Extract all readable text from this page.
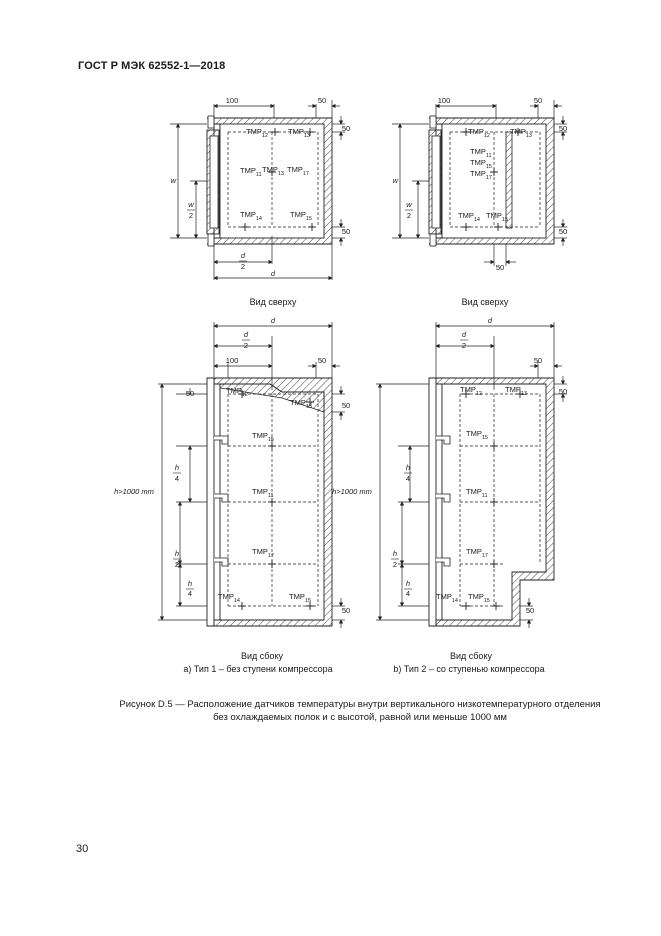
ГОСТ Р МЭК 62552-1—2018
100	50
50
50
w
w
2
d
2
d
100	50
50
50
w
w
2
50
d
d
2
100	50
50
50
50
h>1000 mm
h
4
h
2
4
h
d
d
2
50
50
50
h>1000 mm
h
4
h
2
h
4
$TMP_{12}$	$TMP_{13}$
$TMP_{11}$
$TMP_{13}$ $TMP_{17}$
$TMP_{14}$	$TMP_{15}$
$TMP_{12}$	$TMP_{13}$
$TMP_{11}$
$TMP_{15}$
$TMP_{17}$
$TMP_{14}$ $TMP_{15}$
$TMP_{12}$
$TMP_{13}$
$TMP_{15}$
$TMP_{11}$
$TMP_{17}$
$TMP_{14}$	$TMP_{15}$
$TMP_{12}$	$TMP_{13}$
$TMP_{15}$
$TMP_{11}$
$TMP_{17}$
$TMP_{14}$ $TMP_{15}$
Вид сверху	Вид сверху
Вид сбоку	Вид сбоку
a) Тип 1 – без ступени компрессора	b) Тип 2 – со ступенью компрессора
Рисунок D.5 — Расположение датчиков температуры внутри вертикального низкотемпературного отделения
без охлаждаемых полок и с высотой, равной или меньше 1000 мм
30
